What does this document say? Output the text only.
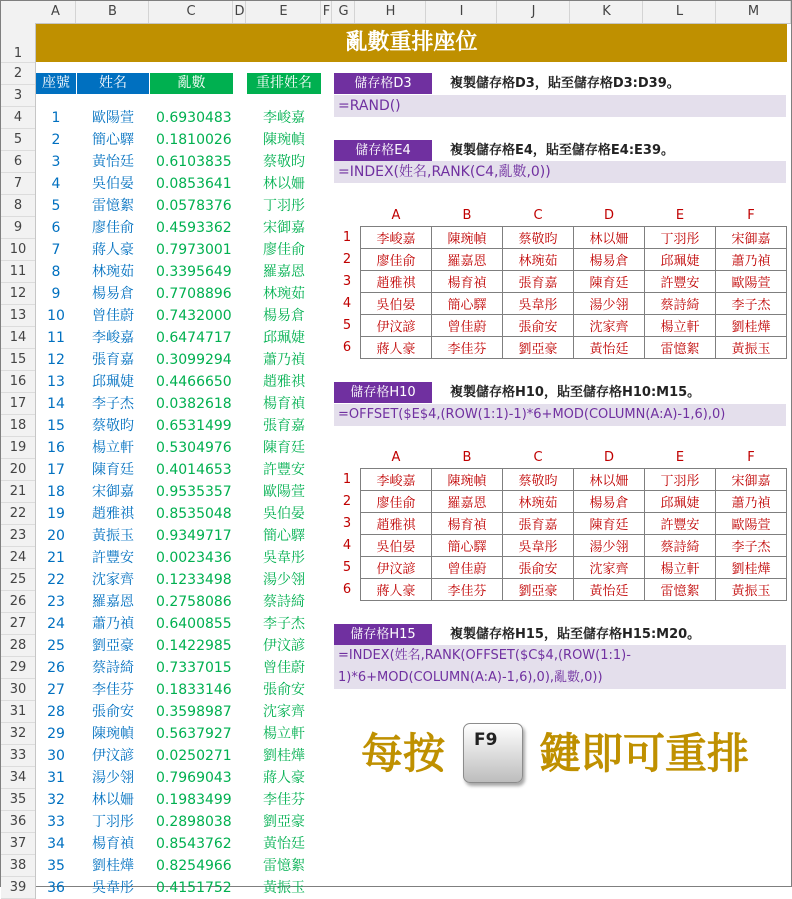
A	B	C	D	E	F G	H	I	J	K	L	M
1
2
3
4
5
6
7
8
9
10
11
12
13
14
15
16
17
18
19
20
21
22
23
24
25
26
27
28
29
30
31
32
33
34
35
36
37
38
39
亂數重排座位
座號	姓名	亂數	重排姓名
1	歐陽萱	0.6930483	李峻嘉
2	簡心驛	0.1810026	陳琬幀
3	黃怡廷	0.6103835	蔡敬昀
4	吳伯晏	0.0853641	林以姍
5	雷憶絮	0.0578376	丁羽彤
6	廖佳俞	0.4593362	宋御嘉
7	蔣人豪	0.7973001	廖佳俞
8	林琬茹	0.3395649	羅嘉恩
9	楊易倉	0.7708896	林琬茹
10	曾佳蔚	0.7432000	楊易倉
11	李峻嘉	0.6474717	邱珮婕
12	張育嘉	0.3099294	蕭乃禎
13	邱珮婕	0.4466650	趙雅祺
14	李子杰	0.0382618	楊育禎
15	蔡敬昀	0.6531499	張育嘉
16	楊立軒	0.5304976	陳育廷
17	陳育廷	0.4014653	許豐安
18	宋御嘉	0.9535357	歐陽萱
19	趙雅祺	0.8535048	吳伯晏
20	黃振玉	0.9349717	簡心驛
21	許豐安	0.0023436	吳韋彤
22	沈家齊	0.1233498	湯少翎
23	羅嘉恩	0.2758086	蔡詩綺
24	蕭乃禎	0.6400855	李子杰
25	劉亞豪	0.1422985	伊汶諺
26	蔡詩綺	0.7337015	曾佳蔚
27	李佳芬	0.1833146	張俞安
28	張俞安	0.3598987	沈家齊
29	陳琬幀	0.5637927	楊立軒
30	伊汶諺	0.0250271	劉桂燁
31	湯少翎	0.7969043	蔣人豪
32	林以姍	0.1983499	李佳芬
33	丁羽彤	0.2898038	劉亞豪
34	楊育禎	0.8543762	黃怡廷
35	劉桂燁	0.8254966	雷憶絮
36	吳韋彤	0.4151752	黃振玉
儲存格D3	複製儲存格D3，貼至儲存格D3:D39。
=RAND()
儲存格E4	複製儲存格E4，貼至儲存格E4:E39。
=INDEX(姓名,RANK(C4,亂數,0))
	A	B	C	D	E	F
1	李峻嘉	陳琬幀	蔡敬昀	林以姍	丁羽彤	宋御嘉
2	廖佳俞	羅嘉恩	林琬茹	楊易倉	邱珮婕	蕭乃禎
3	趙雅祺	楊育禎	張育嘉	陳育廷	許豐安	歐陽萱
4	吳伯晏	簡心驛	吳韋彤	湯少翎	蔡詩綺	李子杰
5	伊汶諺	曾佳蔚	張俞安	沈家齊	楊立軒	劉桂燁
6	蔣人豪	李佳芬	劉亞豪	黃怡廷	雷憶絮	黃振玉
儲存格H10	複製儲存格H10，貼至儲存格H10:M15。
=OFFSET($E$4,(ROW(1:1)-1)*6+MOD(COLUMN(A:A)-1,6),0)
	A	B	C	D	E	F
1	李峻嘉	陳琬幀	蔡敬昀	林以姍	丁羽彤	宋御嘉
2	廖佳俞	羅嘉恩	林琬茹	楊易倉	邱珮婕	蕭乃禎
3	趙雅祺	楊育禎	張育嘉	陳育廷	許豐安	歐陽萱
4	吳伯晏	簡心驛	吳韋彤	湯少翎	蔡詩綺	李子杰
5	伊汶諺	曾佳蔚	張俞安	沈家齊	楊立軒	劉桂燁
6	蔣人豪	李佳芬	劉亞豪	黃怡廷	雷憶絮	黃振玉
儲存格H15	複製儲存格H15，貼至儲存格H15:M20。
=INDEX(姓名,RANK(OFFSET($C$4,(ROW(1:1)-
1)*6+MOD(COLUMN(A:A)-1,6),0),亂數,0))
每按 F9 鍵即可重排
